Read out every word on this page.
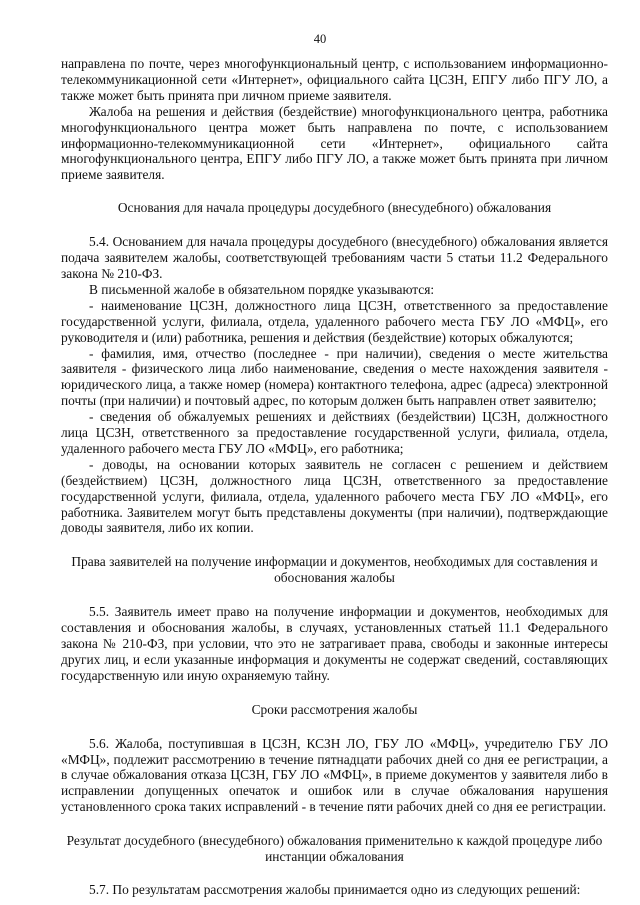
40

направлена по почте, через многофункциональный центр, с использованием информационно-телекоммуникационной сети «Интернет», официального сайта ЦСЗН, ЕПГУ либо ПГУ ЛО, а также может быть принята при личном приеме заявителя.

Жалоба на решения и действия (бездействие) многофункционального центра, работника многофункционального центра может быть направлена по почте, с использованием информационно-телекоммуникационной сети «Интернет», официального сайта многофункционального центра, ЕПГУ либо ПГУ ЛО, а также может быть принята при личном приеме заявителя.

Основания для начала процедуры досудебного (внесудебного) обжалования

5.4. Основанием для начала процедуры досудебного (внесудебного) обжалования является подача заявителем жалобы, соответствующей требованиям части 5 статьи 11.2 Федерального закона № 210-ФЗ.

В письменной жалобе в обязательном порядке указываются:

- наименование ЦСЗН, должностного лица ЦСЗН, ответственного за предоставление государственной услуги, филиала, отдела, удаленного рабочего места ГБУ ЛО «МФЦ», его руководителя и (или) работника, решения и действия (бездействие) которых обжалуются;

- фамилия, имя, отчество (последнее - при наличии), сведения о месте жительства заявителя - физического лица либо наименование, сведения о месте нахождения заявителя - юридического лица, а также номер (номера) контактного телефона, адрес (адреса) электронной почты (при наличии) и почтовый адрес, по которым должен быть направлен ответ заявителю;

- сведения об обжалуемых решениях и действиях (бездействии) ЦСЗН, должностного лица ЦСЗН, ответственного за предоставление государственной услуги, филиала, отдела, удаленного рабочего места ГБУ ЛО «МФЦ», его работника;

- доводы, на основании которых заявитель не согласен с решением и действием (бездействием) ЦСЗН, должностного лица ЦСЗН, ответственного за предоставление государственной услуги, филиала, отдела, удаленного рабочего места ГБУ ЛО «МФЦ», его работника. Заявителем могут быть представлены документы (при наличии), подтверждающие доводы заявителя, либо их копии.

Права заявителей на получение информации и документов, необходимых для составления и обоснования жалобы

5.5. Заявитель имеет право на получение информации и документов, необходимых для составления и обоснования жалобы, в случаях, установленных статьей 11.1 Федерального закона № 210-ФЗ, при условии, что это не затрагивает права, свободы и законные интересы других лиц, и если указанные информация и документы не содержат сведений, составляющих государственную или иную охраняемую тайну.

Сроки рассмотрения жалобы

5.6. Жалоба, поступившая в ЦСЗН, КСЗН ЛО, ГБУ ЛО «МФЦ», учредителю ГБУ ЛО «МФЦ», подлежит рассмотрению в течение пятнадцати рабочих дней со дня ее регистрации, а в случае обжалования отказа ЦСЗН, ГБУ ЛО «МФЦ», в приеме документов у заявителя либо в исправлении допущенных опечаток и ошибок или в случае обжалования нарушения установленного срока таких исправлений - в течение пяти рабочих дней со дня ее регистрации.

Результат досудебного (внесудебного) обжалования применительно к каждой процедуре либо инстанции обжалования

5.7. По результатам рассмотрения жалобы принимается одно из следующих решений:
